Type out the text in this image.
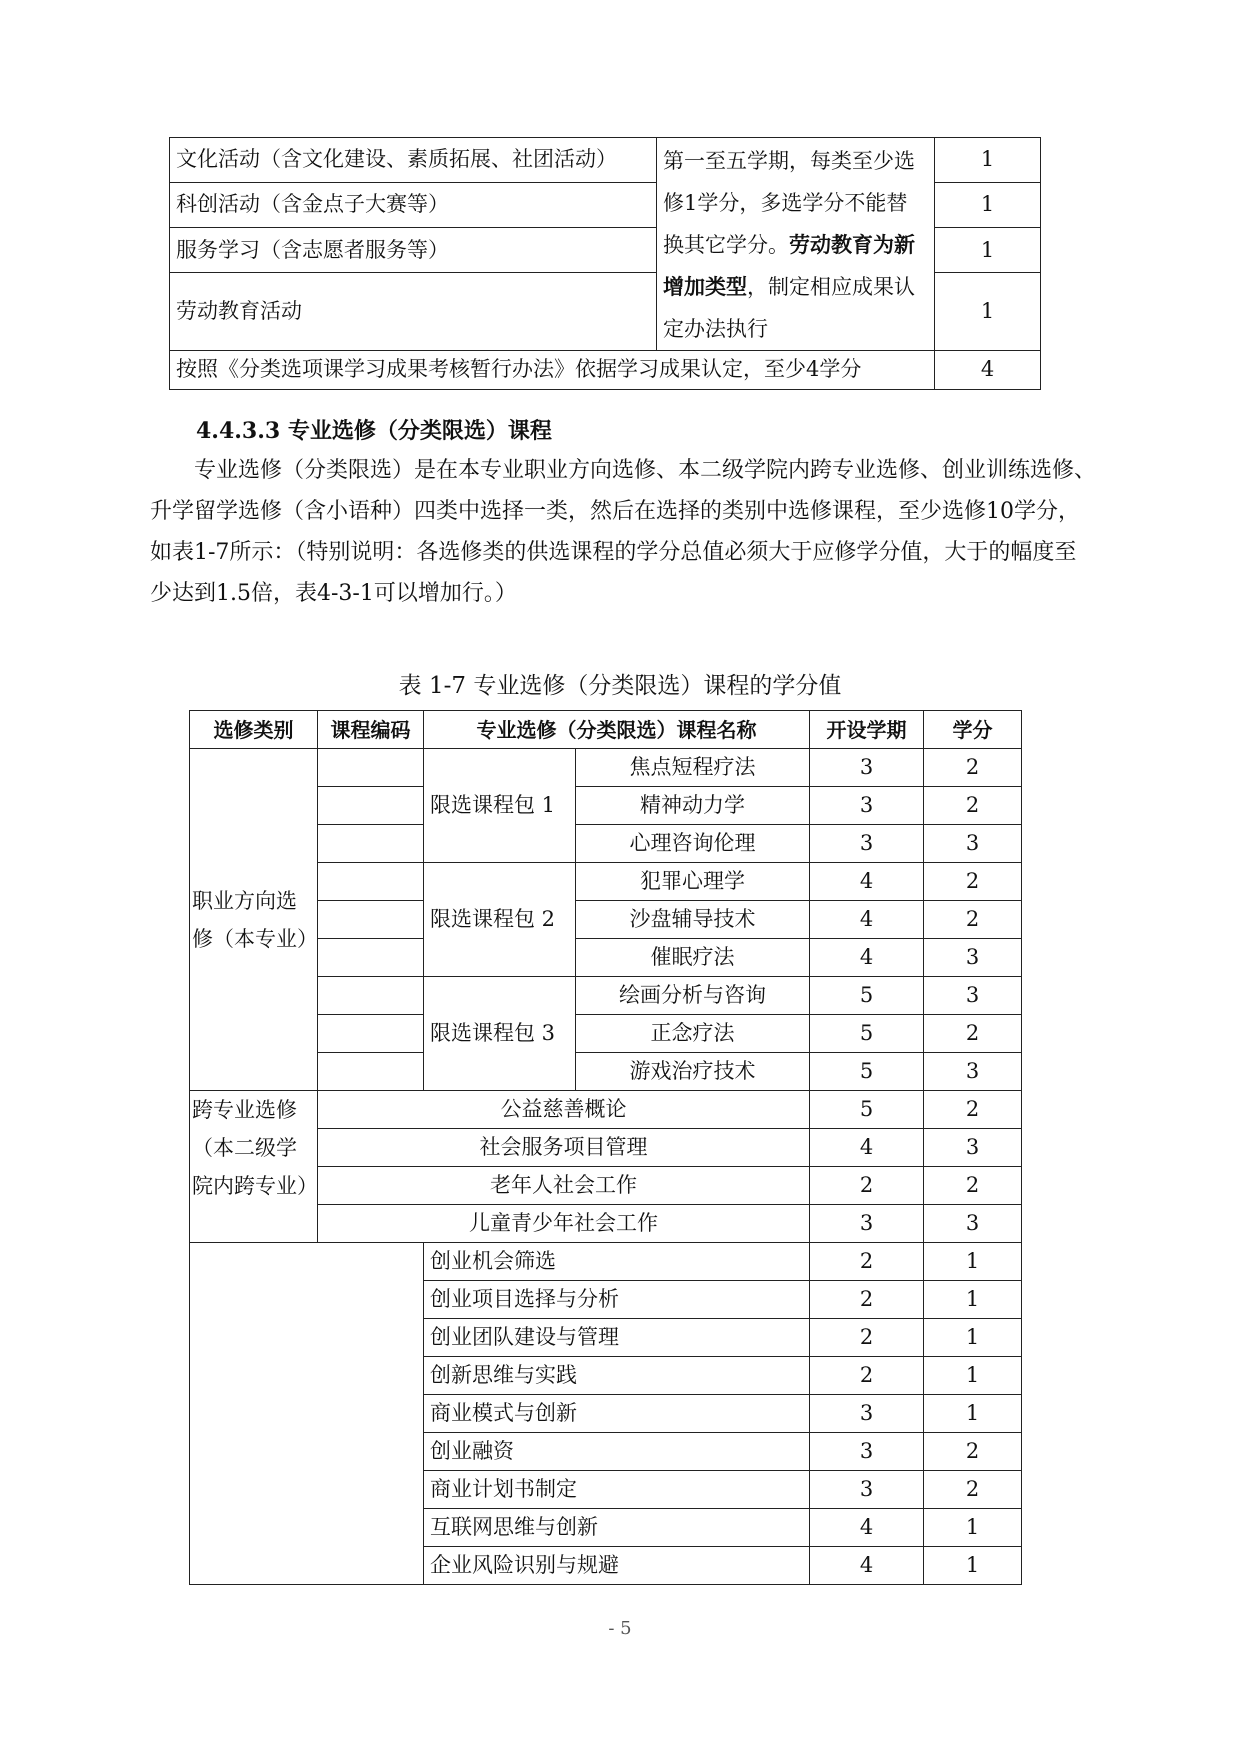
文化活动（含文化建设、素质拓展、社团活动）	第一至五学期，每类至少选修1学分，多选学分不能替换其它学分。劳动教育为新增加类型，制定相应成果认定办法执行	1
科创活动（含金点子大赛等）		1
服务学习（含志愿者服务等）		1
劳动教育活动		1
按照《分类选项课学习成果考核暂行办法》依据学习成果认定，至少4学分		4
4.4.3.3 专业选修（分类限选）课程

专业选修（分类限选）是在本专业职业方向选修、本二级学院内跨专业选修、创业训练选修、升学留学选修（含小语种）四类中选择一类，然后在选择的类别中选修课程，至少选修10学分，如表1-7所示：（特别说明：各选修类的供选课程的学分总值必须大于应修学分值，大于的幅度至少达到1.5倍，表4-3-1可以增加行。）

表 1-7 专业选修（分类限选）课程的学分值
选修类别	课程编码	专业选修（分类限选）课程名称		开设学期	学分
职业方向选修（本专业）		限选课程包 1	焦点短程疗法	3	2
			精神动力学	3	2
			心理咨询伦理	3	3
		限选课程包 2	犯罪心理学	4	2
			沙盘辅导技术	4	2
			催眠疗法	4	3
		限选课程包 3	绘画分析与咨询	5	3
			正念疗法	5	2
			游戏治疗技术	5	3
跨专业选修（本二级学院内跨专业）	公益慈善概论			5	2
	社会服务项目管理			4	3
	老年人社会工作			2	2
	儿童青少年社会工作			3	3
		创业机会筛选		2	1
		创业项目选择与分析		2	1
		创业团队建设与管理		2	1
		创新思维与实践		2	1
		商业模式与创新		3	1
		创业融资		3	2
		商业计划书制定		3	2
		互联网思维与创新		4	1
		企业风险识别与规避		4	1
- 5
